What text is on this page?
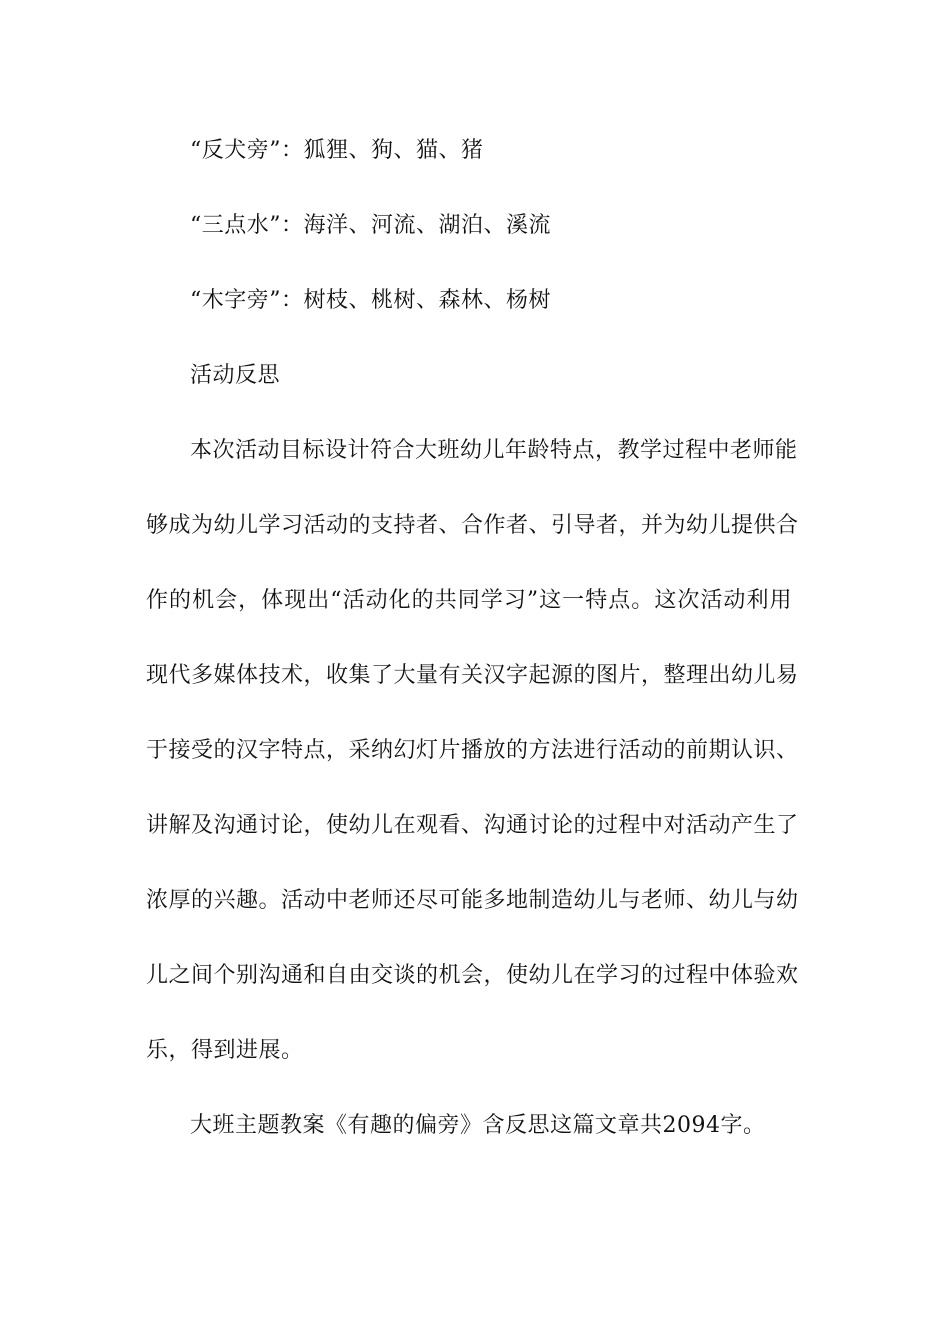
“反犬旁”：狐狸、狗、猫、猪
“三点水”：海洋、河流、湖泊、溪流
“木字旁”：树枝、桃树、森林、杨树
活动反思
本次活动目标设计符合大班幼儿年龄特点，教学过程中老师能
够成为幼儿学习活动的支持者、合作者、引导者，并为幼儿提供合
作的机会，体现出“活动化的共同学习”这一特点。这次活动利用
现代多媒体技术，收集了大量有关汉字起源的图片，整理出幼儿易
于接受的汉字特点，采纳幻灯片播放的方法进行活动的前期认识、
讲解及沟通讨论，使幼儿在观看、沟通讨论的过程中对活动产生了
浓厚的兴趣。活动中老师还尽可能多地制造幼儿与老师、幼儿与幼
儿之间个别沟通和自由交谈的机会，使幼儿在学习的过程中体验欢
乐，得到进展。
大班主题教案《有趣的偏旁》含反思这篇文章共2094字。
